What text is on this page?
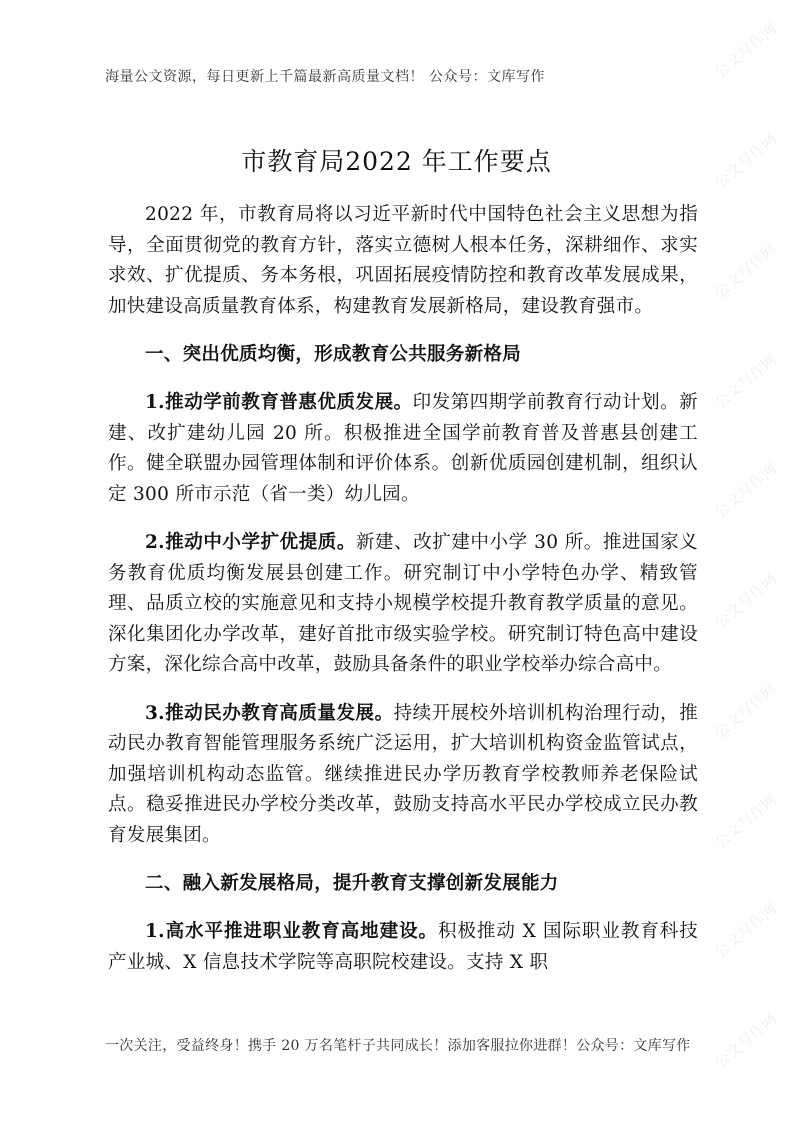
海量公文资源，每日更新上千篇最新高质量文档！ 公众号：文库写作
市教育局2022 年工作要点

2022 年，市教育局将以习近平新时代中国特色社会主义思想为指导，全面贯彻党的教育方针，落实立德树人根本任务，深耕细作、求实求效、扩优提质、务本务根，巩固拓展疫情防控和教育改革发展成果，加快建设高质量教育体系，构建教育发展新格局，建设教育强市。

一、突出优质均衡，形成教育公共服务新格局

1.推动学前教育普惠优质发展。印发第四期学前教育行动计划。新建、改扩建幼儿园 20 所。积极推进全国学前教育普及普惠县创建工作。健全联盟办园管理体制和评价体系。创新优质园创建机制，组织认定 300 所市示范（省一类）幼儿园。

2.推动中小学扩优提质。新建、改扩建中小学 30 所。推进国家义务教育优质均衡发展县创建工作。研究制订中小学特色办学、精致管理、品质立校的实施意见和支持小规模学校提升教育教学质量的意见。深化集团化办学改革，建好首批市级实验学校。研究制订特色高中建设方案，深化综合高中改革，鼓励具备条件的职业学校举办综合高中。

3.推动民办教育高质量发展。持续开展校外培训机构治理行动，推动民办教育智能管理服务系统广泛运用，扩大培训机构资金监管试点，加强培训机构动态监管。继续推进民办学历教育学校教师养老保险试点。稳妥推进民办学校分类改革，鼓励支持高水平民办学校成立民办教育发展集团。

二、融入新发展格局，提升教育支撑创新发展能力

1.高水平推进职业教育高地建设。积极推动 X 国际职业教育科技产业城、X 信息技术学院等高职院校建设。支持 X 职

一次关注，受益终身！携手 20 万名笔杆子共同成长！添加客服拉你进群！公众号：文库写作
公文写作网
公文写作网
公文写作网
公文写作网
公文写作网
公文写作网
公文写作网
公文写作网
公文写作网
公文写作网
